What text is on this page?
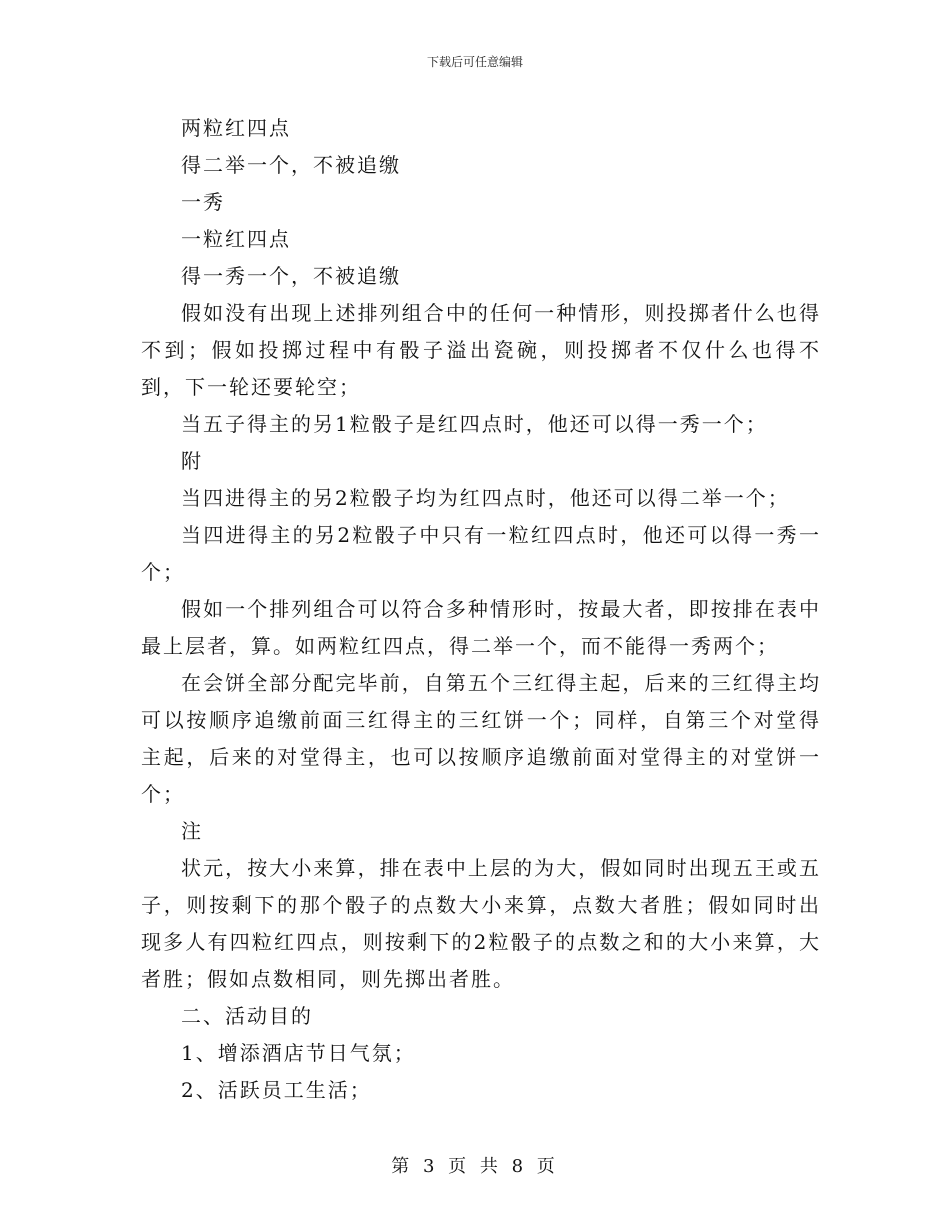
下载后可任意编辑

两粒红四点

得二举一个，不被追缴

一秀

一粒红四点

得一秀一个，不被追缴

假如没有出现上述排列组合中的任何一种情形，则投掷者什么也得不到；假如投掷过程中有骰子溢出瓷碗，则投掷者不仅什么也得不到，下一轮还要轮空；

当五子得主的另1粒骰子是红四点时，他还可以得一秀一个；

附

当四进得主的另2粒骰子均为红四点时，他还可以得二举一个；

当四进得主的另2粒骰子中只有一粒红四点时，他还可以得一秀一个；

假如一个排列组合可以符合多种情形时，按最大者，即按排在表中最上层者，算。如两粒红四点，得二举一个，而不能得一秀两个；

在会饼全部分配完毕前，自第五个三红得主起，后来的三红得主均可以按顺序追缴前面三红得主的三红饼一个；同样，自第三个对堂得主起，后来的对堂得主，也可以按顺序追缴前面对堂得主的对堂饼一个；

注

状元，按大小来算，排在表中上层的为大，假如同时出现五王或五子，则按剩下的那个骰子的点数大小来算，点数大者胜；假如同时出现多人有四粒红四点，则按剩下的2粒骰子的点数之和的大小来算，大者胜；假如点数相同，则先掷出者胜。

二、活动目的

1、增添酒店节日气氛；

2、活跃员工生活；

第 3 页 共 8 页
